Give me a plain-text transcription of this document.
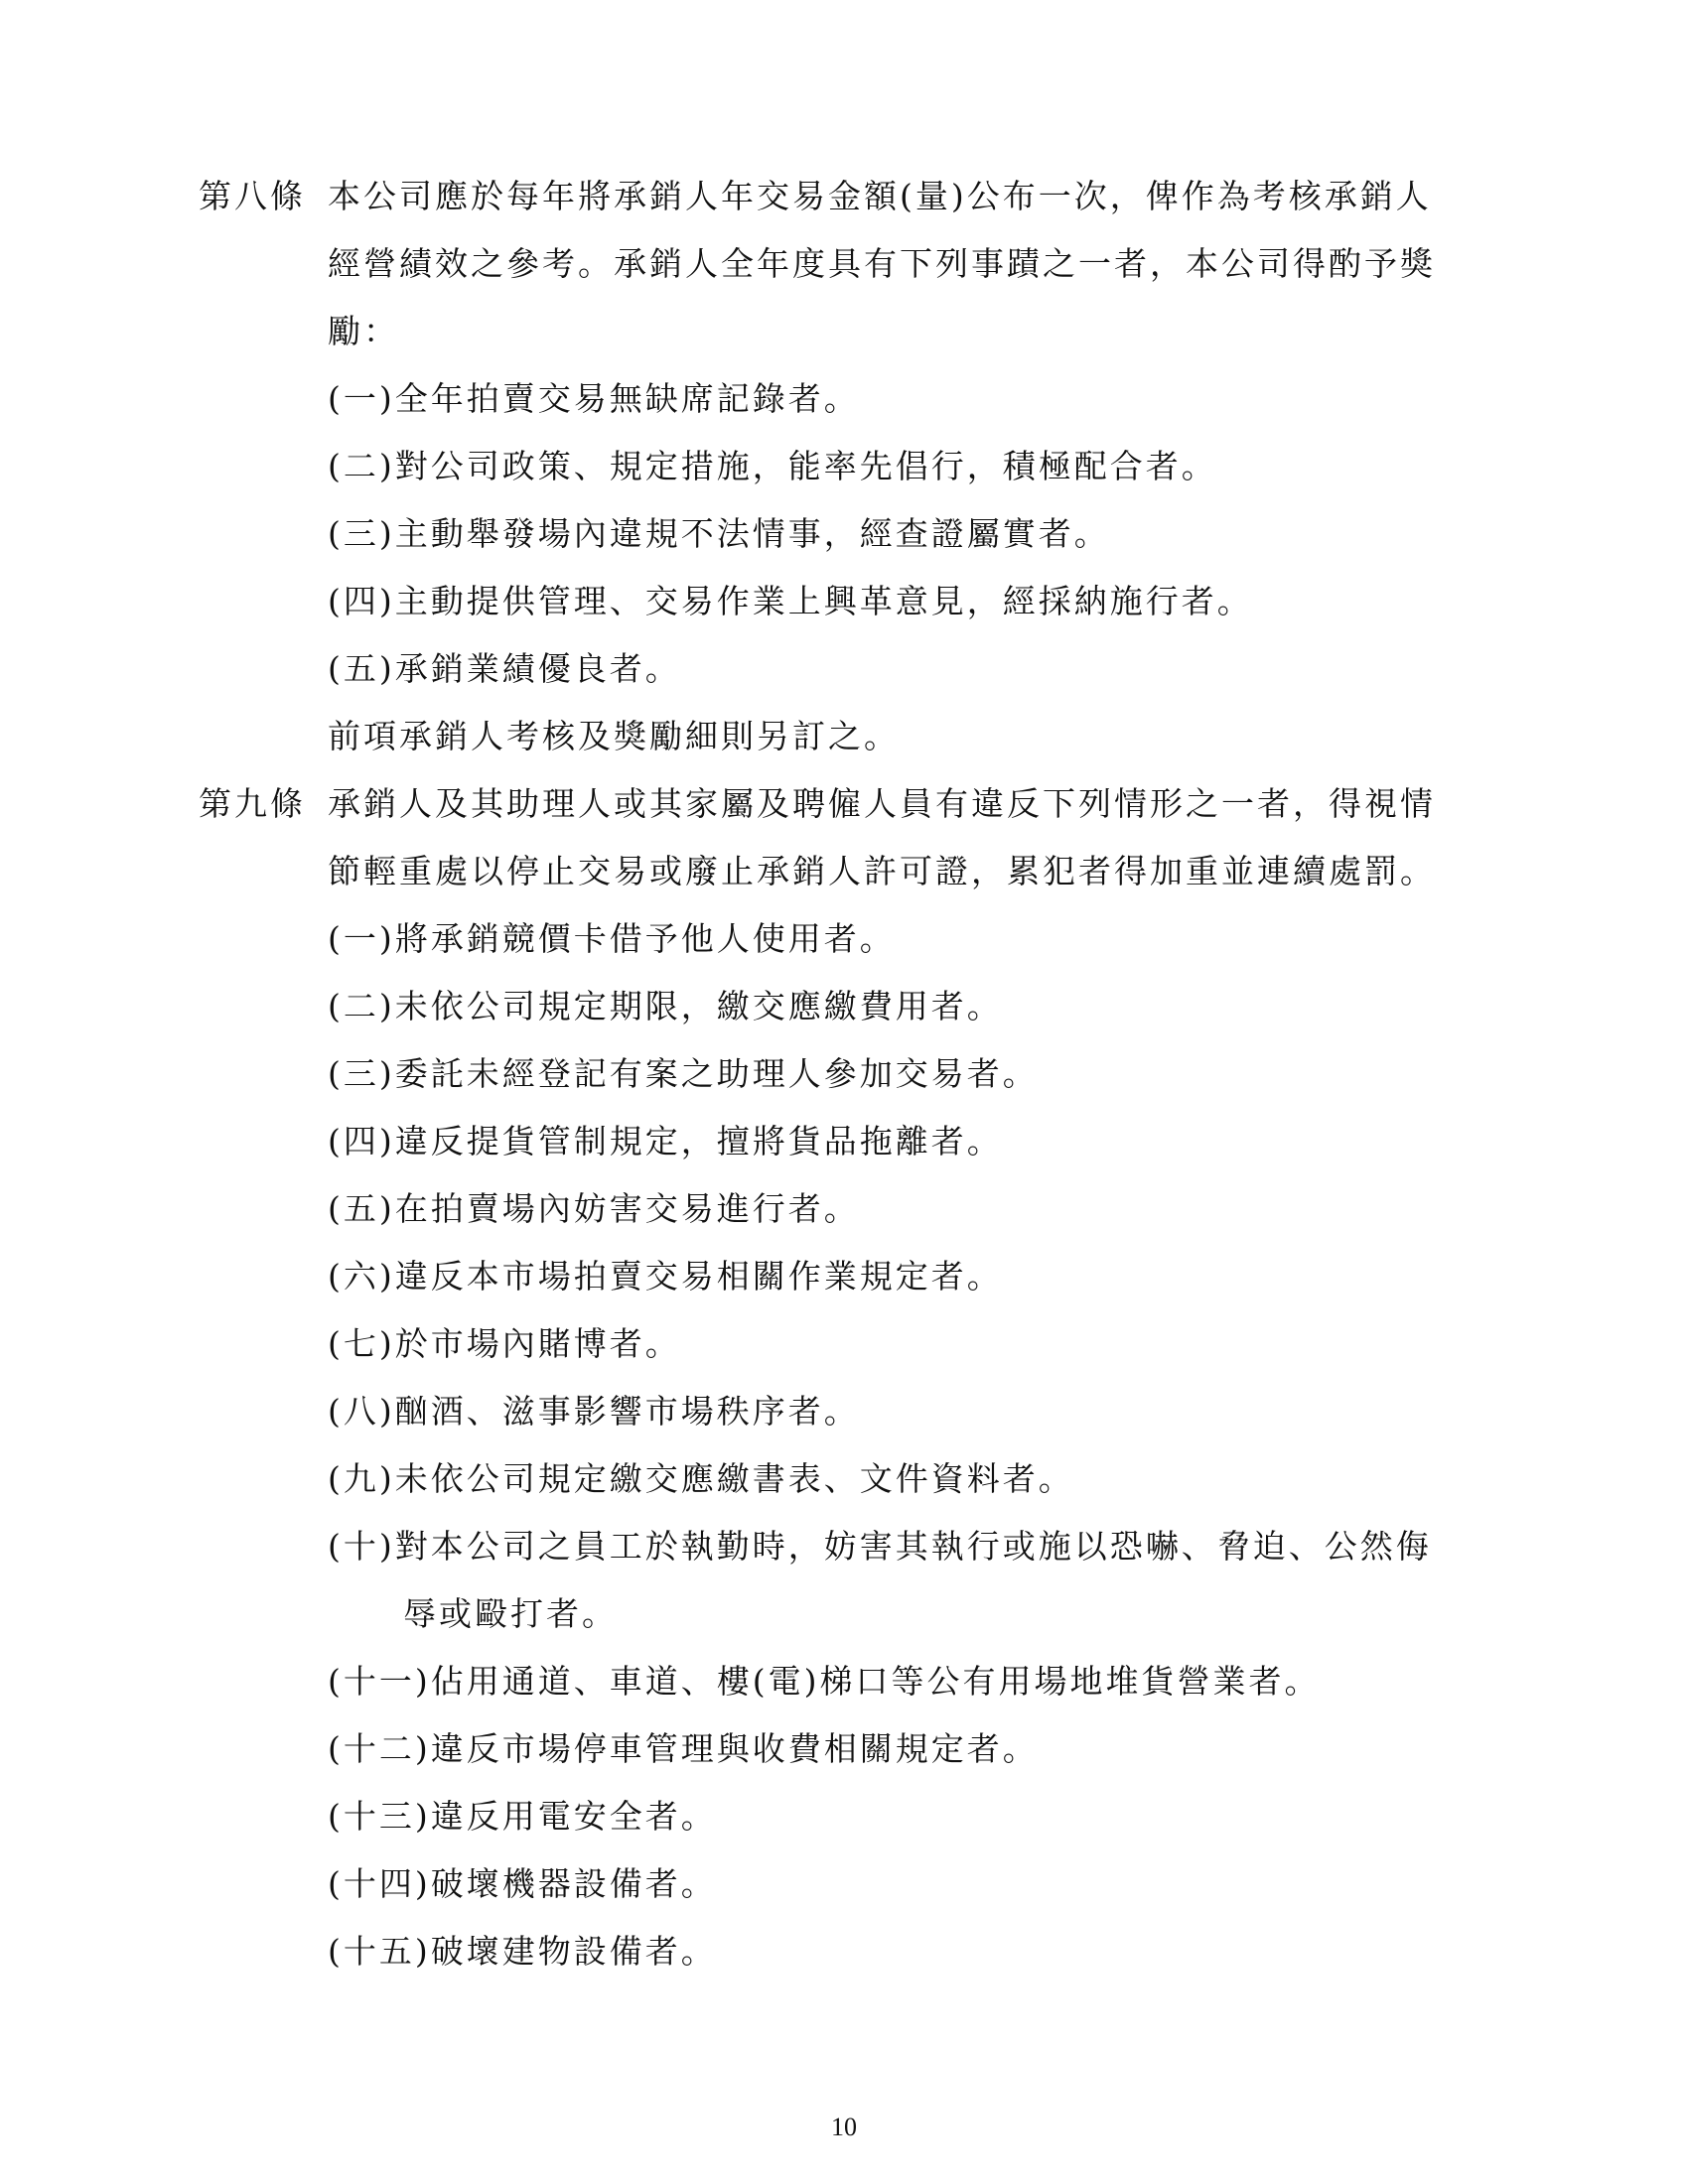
第八條 本公司應於每年將承銷人年交易金額(量)公布一次，俾作為考核承銷人
經營績效之參考。承銷人全年度具有下列事蹟之一者，本公司得酌予獎
勵：
(一)全年拍賣交易無缺席記錄者。
(二)對公司政策、規定措施，能率先倡行，積極配合者。
(三)主動舉發場內違規不法情事，經查證屬實者。
(四)主動提供管理、交易作業上興革意見，經採納施行者。
(五)承銷業績優良者。
前項承銷人考核及獎勵細則另訂之。
第九條 承銷人及其助理人或其家屬及聘僱人員有違反下列情形之一者，得視情
節輕重處以停止交易或廢止承銷人許可證，累犯者得加重並連續處罰。
(一)將承銷競價卡借予他人使用者。
(二)未依公司規定期限，繳交應繳費用者。
(三)委託未經登記有案之助理人參加交易者。
(四)違反提貨管制規定，擅將貨品拖離者。
(五)在拍賣場內妨害交易進行者。
(六)違反本市場拍賣交易相關作業規定者。
(七)於市場內賭博者。
(八)酗酒、滋事影響市場秩序者。
(九)未依公司規定繳交應繳書表、文件資料者。
(十)對本公司之員工於執勤時，妨害其執行或施以恐嚇、脅迫、公然侮
辱或毆打者。
(十一)佔用通道、車道、樓(電)梯口等公有用場地堆貨營業者。
(十二)違反市場停車管理與收費相關規定者。
(十三)違反用電安全者。
(十四)破壞機器設備者。
(十五)破壞建物設備者。
10
